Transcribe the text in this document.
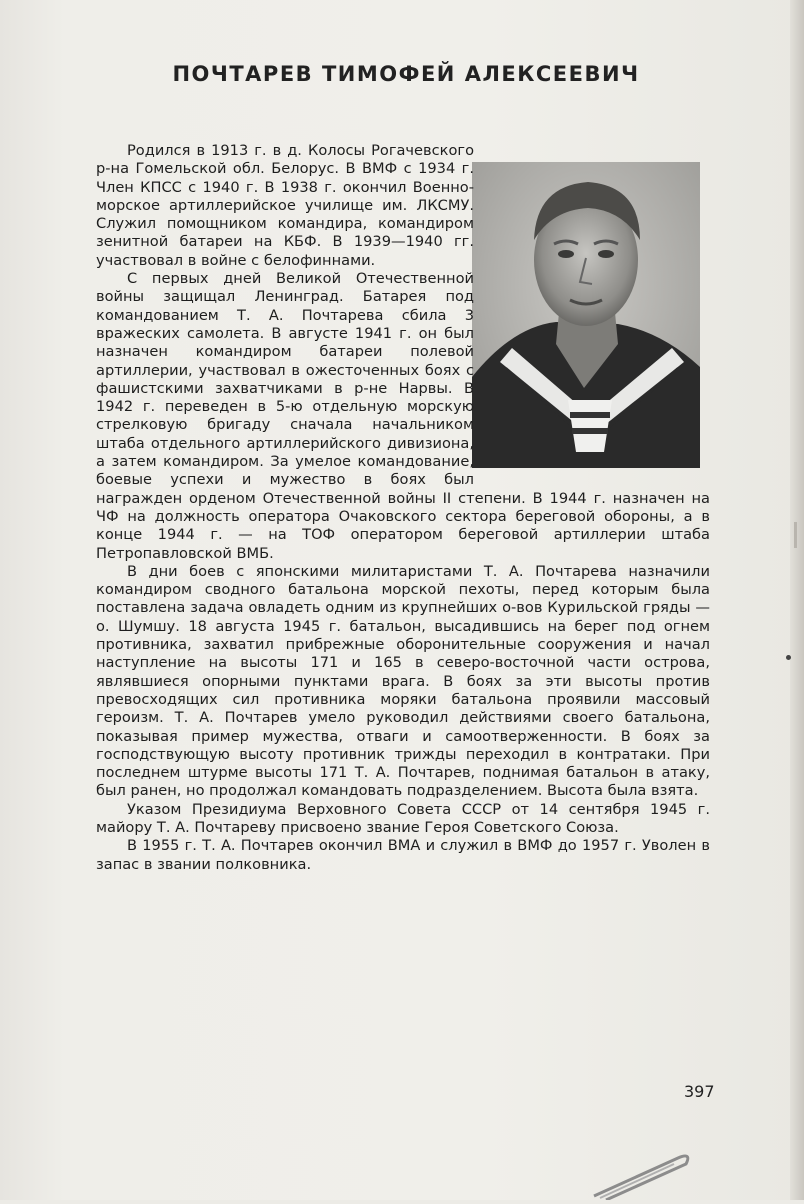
ПОЧТАРЕВ ТИМОФЕЙ АЛЕКСЕЕВИЧ

Родился в 1913 г. в д. Колосы Рогачевского р-на Гомельской обл. Белорус. В ВМФ с 1934 г. Член КПСС с 1940 г. В 1938 г. окончил Военно-морское артиллерийское училище им. ЛКСМУ. Служил помощником командира, командиром зенитной батареи на КБФ. В 1939—1940 гг. участвовал в войне с белофиннами.

С первых дней Великой Отечественной войны защищал Ленинград. Батарея под командованием Т. А. Почтарева сбила 3 вражеских самолета. В августе 1941 г. он был назначен командиром батареи полевой артиллерии, участвовал в ожесточенных боях с фашистскими захватчиками в р-не Нарвы. В 1942 г. переведен в 5-ю отдельную морскую стрелковую бригаду сначала начальником штаба отдельного артиллерийского дивизиона, а затем командиром. За умелое командование, боевые успехи и мужество в боях был награжден орденом Отечественной войны II степени. В 1944 г. назначен на ЧФ на должность оператора Очаковского сектора береговой обороны, а в конце 1944 г. — на ТОФ оператором береговой артиллерии штаба Петропавловской ВМБ.

В дни боев с японскими милитаристами Т. А. Почтарева назначили командиром сводного батальона морской пехоты, перед которым была поставлена задача овладеть одним из крупнейших о-вов Курильской гряды — о. Шумшу. 18 августа 1945 г. батальон, высадившись на берег под огнем противника, захватил прибрежные оборонительные сооружения и начал наступление на высоты 171 и 165 в северо-восточной части острова, являвшиеся опорными пунктами врага. В боях за эти высоты против превосходящих сил противника моряки батальона проявили массовый героизм. Т. А. Почтарев умело руководил действиями своего батальона, показывая пример мужества, отваги и самоотверженности. В боях за господствующую высоту противник трижды переходил в контратаки. При последнем штурме высоты 171 Т. А. Почтарев, поднимая батальон в атаку, был ранен, но продолжал командовать подразделением. Высота была взята.

Указом Президиума Верховного Совета СССР от 14 сентября 1945 г. майору Т. А. Почтареву присвоено звание Героя Советского Союза.

В 1955 г. Т. А. Почтарев окончил ВМА и служил в ВМФ до 1957 г. Уволен в запас в звании полковника.

397
